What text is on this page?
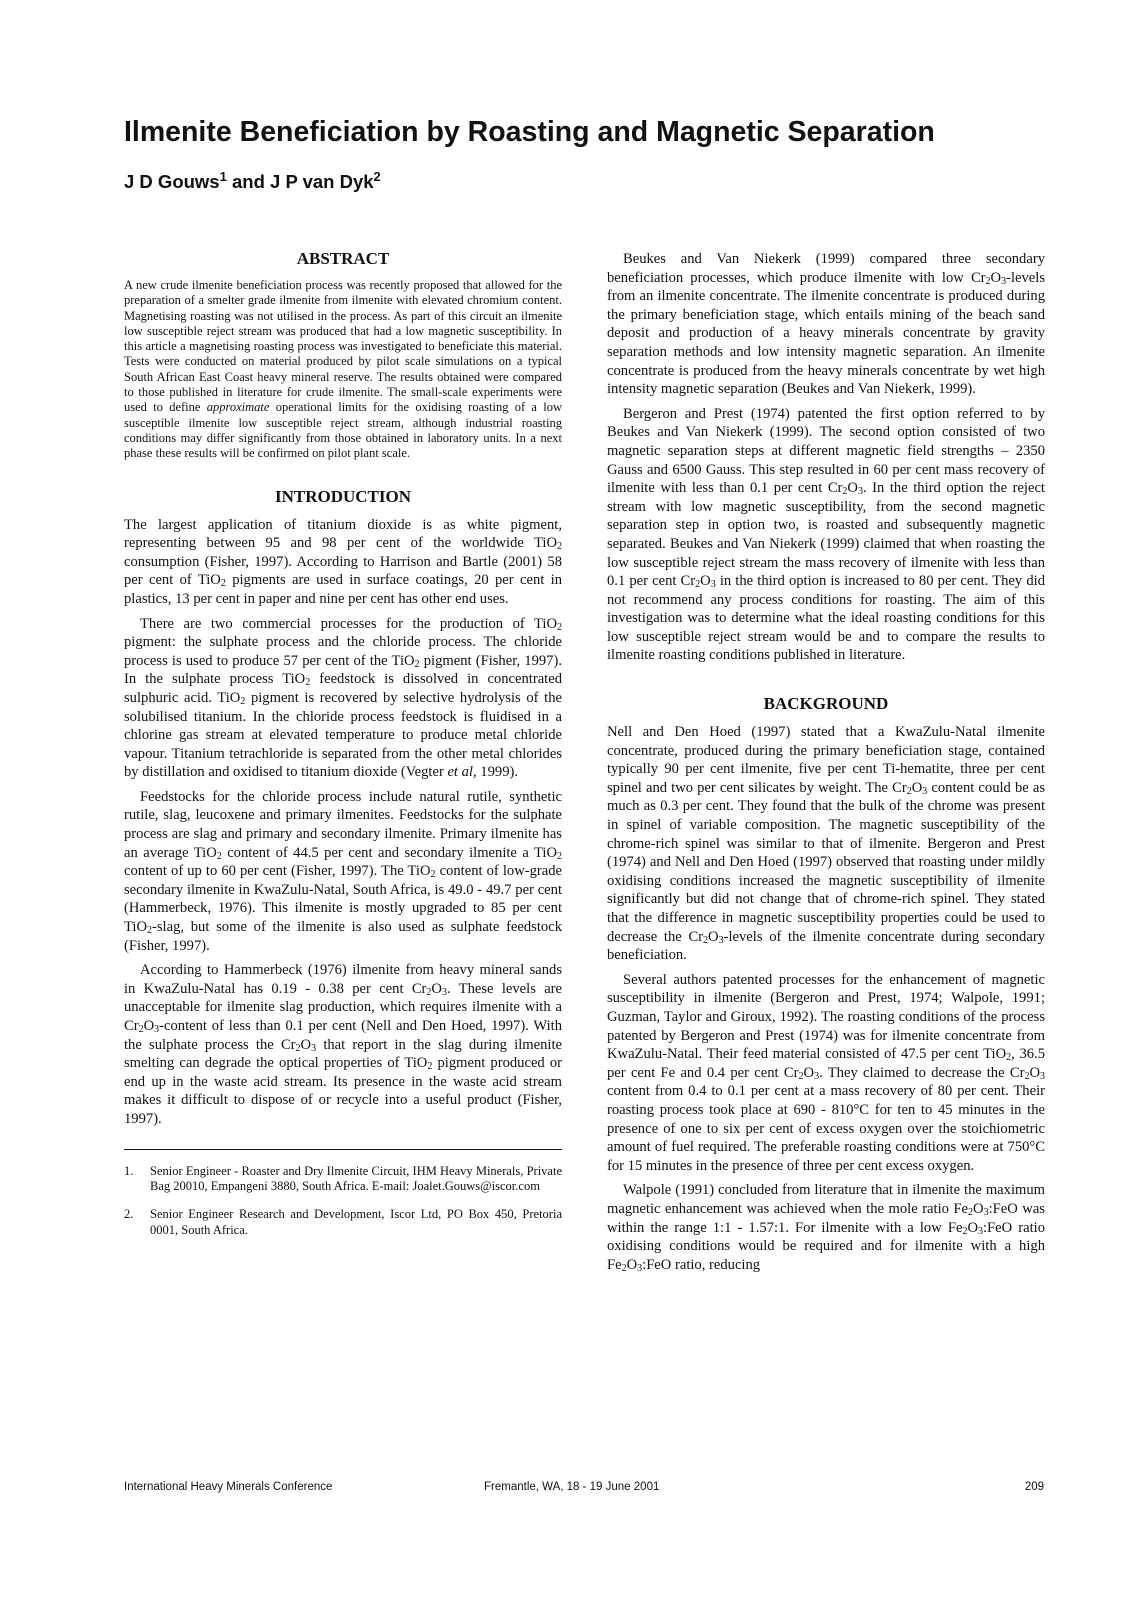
Ilmenite Beneficiation by Roasting and Magnetic Separation
J D Gouws$^1$ and J P van Dyk$^2$
ABSTRACT

A new crude ilmenite beneficiation process was recently proposed that allowed for the preparation of a smelter grade ilmenite from ilmenite with elevated chromium content. Magnetising roasting was not utilised in the process. As part of this circuit an ilmenite low susceptible reject stream was produced that had a low magnetic susceptibility. In this article a magnetising roasting process was investigated to beneficiate this material. Tests were conducted on material produced by pilot scale simulations on a typical South African East Coast heavy mineral reserve. The results obtained were compared to those published in literature for crude ilmenite. The small-scale experiments were used to define approximate operational limits for the oxidising roasting of a low susceptible ilmenite low susceptible reject stream, although industrial roasting conditions may differ significantly from those obtained in laboratory units. In a next phase these results will be confirmed on pilot plant scale.

INTRODUCTION

The largest application of titanium dioxide is as white pigment, representing between 95 and 98 per cent of the worldwide TiO$_2$ consumption (Fisher, 1997). According to Harrison and Bartle (2001) 58 per cent of TiO$_2$ pigments are used in surface coatings, 20 per cent in plastics, 13 per cent in paper and nine per cent has other end uses.

There are two commercial processes for the production of TiO$_2$ pigment: the sulphate process and the chloride process. The chloride process is used to produce 57 per cent of the TiO$_2$ pigment (Fisher, 1997). In the sulphate process TiO$_2$ feedstock is dissolved in concentrated sulphuric acid. TiO$_2$ pigment is recovered by selective hydrolysis of the solubilised titanium. In the chloride process feedstock is fluidised in a chlorine gas stream at elevated temperature to produce metal chloride vapour. Titanium tetrachloride is separated from the other metal chlorides by distillation and oxidised to titanium dioxide (Vegter et al, 1999).

Feedstocks for the chloride process include natural rutile, synthetic rutile, slag, leucoxene and primary ilmenites. Feedstocks for the sulphate process are slag and primary and secondary ilmenite. Primary ilmenite has an average TiO$_2$ content of 44.5 per cent and secondary ilmenite a TiO$_2$ content of up to 60 per cent (Fisher, 1997). The TiO$_2$ content of low-grade secondary ilmenite in KwaZulu-Natal, South Africa, is 49.0 - 49.7 per cent (Hammerbeck, 1976). This ilmenite is mostly upgraded to 85 per cent TiO$_2$-slag, but some of the ilmenite is also used as sulphate feedstock (Fisher, 1997).

According to Hammerbeck (1976) ilmenite from heavy mineral sands in KwaZulu-Natal has 0.19 - 0.38 per cent $Cr_2O_3$. These levels are unacceptable for ilmenite slag production, which requires ilmenite with a $Cr_2O_3$-content of less than 0.1 per cent (Nell and Den Hoed, 1997). With the sulphate process the $Cr_2O_3$ that report in the slag during ilmenite smelting can degrade the optical properties of TiO$_2$ pigment produced or end up in the waste acid stream. Its presence in the waste acid stream makes it difficult to dispose of or recycle into a useful product (Fisher, 1997).

1.	Senior Engineer - Roaster and Dry Ilmenite Circuit, IHM Heavy Minerals, Private Bag 20010, Empangeni 3880, South Africa. E-mail: Joalet.Gouws@iscor.com
2.	Senior Engineer Research and Development, Iscor Ltd, PO Box 450, Pretoria 0001, South Africa.

Beukes and Van Niekerk (1999) compared three secondary beneficiation processes, which produce ilmenite with low $Cr_2O_3$-levels from an ilmenite concentrate. The ilmenite concentrate is produced during the primary beneficiation stage, which entails mining of the beach sand deposit and production of a heavy minerals concentrate by gravity separation methods and low intensity magnetic separation. An ilmenite concentrate is produced from the heavy minerals concentrate by wet high intensity magnetic separation (Beukes and Van Niekerk, 1999).

Bergeron and Prest (1974) patented the first option referred to by Beukes and Van Niekerk (1999). The second option consisted of two magnetic separation steps at different magnetic field strengths – 2350 Gauss and 6500 Gauss. This step resulted in 60 per cent mass recovery of ilmenite with less than 0.1 per cent $Cr_2O_3$. In the third option the reject stream with low magnetic susceptibility, from the second magnetic separation step in option two, is roasted and subsequently magnetic separated. Beukes and Van Niekerk (1999) claimed that when roasting the low susceptible reject stream the mass recovery of ilmenite with less than 0.1 per cent $Cr_2O_3$ in the third option is increased to 80 per cent. They did not recommend any process conditions for roasting. The aim of this investigation was to determine what the ideal roasting conditions for this low susceptible reject stream would be and to compare the results to ilmenite roasting conditions published in literature.

BACKGROUND

Nell and Den Hoed (1997) stated that a KwaZulu-Natal ilmenite concentrate, produced during the primary beneficiation stage, contained typically 90 per cent ilmenite, five per cent Ti-hematite, three per cent spinel and two per cent silicates by weight. The $Cr_2O_3$ content could be as much as 0.3 per cent. They found that the bulk of the chrome was present in spinel of variable composition. The magnetic susceptibility of the chrome-rich spinel was similar to that of ilmenite. Bergeron and Prest (1974) and Nell and Den Hoed (1997) observed that roasting under mildly oxidising conditions increased the magnetic susceptibility of ilmenite significantly but did not change that of chrome-rich spinel. They stated that the difference in magnetic susceptibility properties could be used to decrease the $Cr_2O_3$-levels of the ilmenite concentrate during secondary beneficiation.

Several authors patented processes for the enhancement of magnetic susceptibility in ilmenite (Bergeron and Prest, 1974; Walpole, 1991; Guzman, Taylor and Giroux, 1992). The roasting conditions of the process patented by Bergeron and Prest (1974) was for ilmenite concentrate from KwaZulu-Natal. Their feed material consisted of 47.5 per cent TiO$_2$, 36.5 per cent Fe and 0.4 per cent $Cr_2O_3$. They claimed to decrease the $Cr_2O_3$ content from 0.4 to 0.1 per cent at a mass recovery of 80 per cent. Their roasting process took place at 690 - 810°C for ten to 45 minutes in the presence of one to six per cent of excess oxygen over the stoichiometric amount of fuel required. The preferable roasting conditions were at 750°C for 15 minutes in the presence of three per cent excess oxygen.

Walpole (1991) concluded from literature that in ilmenite the maximum magnetic enhancement was achieved when the mole ratio $Fe_2O_3:FeO$ was within the range 1:1 - 1.57:1. For ilmenite with a low $Fe_2O_3:FeO$ ratio oxidising conditions would be required and for ilmenite with a high $Fe_2O_3:FeO$ ratio, reducing

International Heavy Minerals Conference	Fremantle, WA, 18 - 19 June 2001	209
